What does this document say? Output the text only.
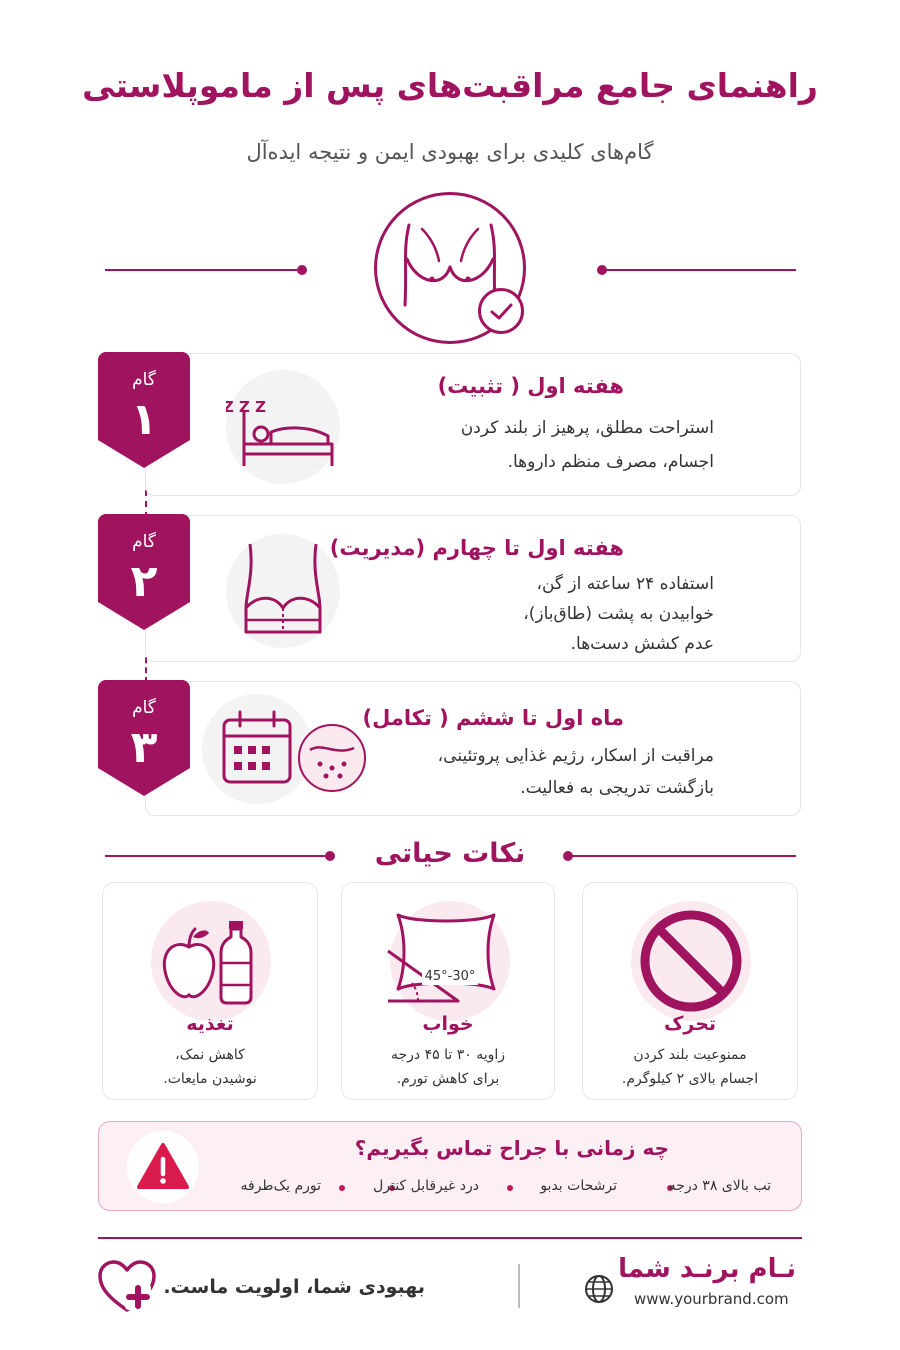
راهنمای جامع مراقبت‌های پس از ماموپلاستی
گام‌های کلیدی برای بهبودی ایمن و نتیجه ایده‌آل
Z Z Z
هفته اول ( تثبیت)
استراحت مطلق، پرهیز از بلند کردن
اجسام، مصرف منظم داروها.
گام
۱
هفته اول تا چهارم (مدیریت)
استفاده ۲۴ ساعته از گن،
خوابیدن به پشت (طاق‌باز)،
عدم کشش دست‌ها.
گام
۲
ماه اول تا ششم ( تکامل)
مراقبت از اسکار، رژیم غذایی پروتئینی،
بازگشت تدریجی به فعالیت.
گام
۳
نکات حیاتی
تحرک
ممنوعیت بلند کردن
اجسام بالای ۲ کیلوگرم.
30°-45°
خواب
زاویه ۳۰ تا ۴۵ درجه
برای کاهش تورم.
تغذیه
کاهش نمک،
نوشیدن مایعات.
چه زمانی با جراح تماس بگیریم؟
تب بالای ۳۸ درجه
ترشحات بدبو
درد غیرقابل کنترل
تورم یک‌طرفه
نـام برنـد شما
www.yourbrand.com
بهبودی شما، اولویت ماست.
